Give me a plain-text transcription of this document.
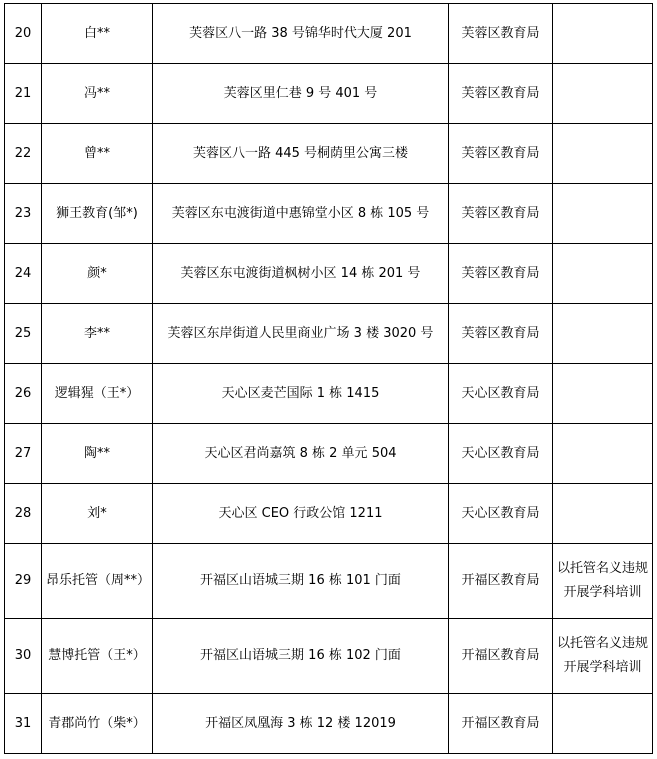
20	白**	芙蓉区八一路 38 号锦华时代大厦 201	芙蓉区教育局	
21	冯**	芙蓉区里仁巷 9 号 401 号	芙蓉区教育局	
22	曾**	芙蓉区八一路 445 号桐荫里公寓三楼	芙蓉区教育局	
23	狮王教育(邹*)	芙蓉区东屯渡街道中惠锦堂小区 8 栋 105 号	芙蓉区教育局	
24	颜*	芙蓉区东屯渡街道枫树小区 14 栋 201 号	芙蓉区教育局	
25	李**	芙蓉区东岸街道人民里商业广场 3 楼 3020 号	芙蓉区教育局	
26	逻辑猩（王*）	天心区麦芒国际 1 栋 1415	天心区教育局	
27	陶**	天心区君尚嘉筑 8 栋 2 单元 504	天心区教育局	
28	刘*	天心区 CEO 行政公馆 1211	天心区教育局	
29	昂乐托管（周**）	开福区山语城三期 16 栋 101 门面	开福区教育局	以托管名义违规开展学科培训
30	慧博托管（王*）	开福区山语城三期 16 栋 102 门面	开福区教育局	以托管名义违规开展学科培训
31	青郡尚竹（柴*）	开福区凤凰海 3 栋 12 楼 12019	开福区教育局	
